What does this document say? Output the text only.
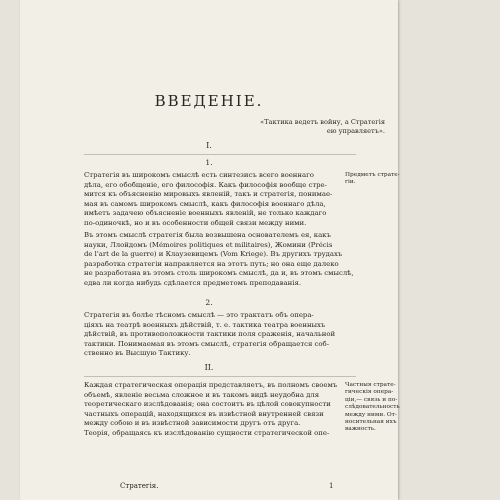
ВВЕДЕНІЕ.
«Тактика ведетъ войну, а Стратегія
ею управляетъ».
I.
1.
Стратегія въ широкомъ смыслѣ есть синтезисъ всего военнаго
дѣла, его обобщеніе, его философія. Какъ философія вообще стре-
мится къ объясненію мировыхъ явленій, такъ и стратегія, понимае-
мая въ самомъ широкомъ смыслѣ, какъ философія военнаго дѣла,
имѣетъ задачею объясненіе военныхъ явленій, не только каждаго
по-одиночкѣ, но и въ особенности общей связи между ними.
Въ этомъ смыслѣ стратегія была возвышена основателемъ ея, какъ
науки, Ллойдомъ (Mémoires politiques et militaires), Жомини (Précis
de l'art de la guerre) и Клаузевицемъ (Vom Kriege). Въ другихъ трудахъ
разработка стратегіи направляется на этотъ путь; но она еще далеко
не разработана въ этомъ столь широкомъ смыслѣ, да и, въ этомъ смыслѣ,
едва ли когда нибудь сдѣлается предметомъ преподаванія.
2.
Стратегія въ болѣе тѣсномъ смыслѣ — это трактатъ объ опера-
ціяхъ на театрѣ военныхъ дѣйствій, т. е. тактика театра военныхъ
дѣйствій, въ противоположности тактики поля сраженія, начальной
тактики. Понимаемая въ этомъ смыслѣ, стратегія обращается соб-
ственно въ Высшую Тактику.
II.
Каждая стратегическая операція представляетъ, въ полномъ своемъ
объемѣ, явленіе весьма сложное и въ такомъ видѣ неудобна для
теоретическаго изслѣдованія; она состоитъ въ цѣлой совокупности
частныхъ операцій, находящихся въ извѣстной внутренней связи
между собою и въ извѣстной зависимости другъ отъ друга.
Теорія, обращаясь къ изслѣдованію сущности стратегической опе-
Стратегія.	1
Предметъ страте-
гіи.
Частныя страте-
гическія опера-
ціи,— связь и по-
слѣдовательность
между ними. От-
носительная ихъ
важность.
